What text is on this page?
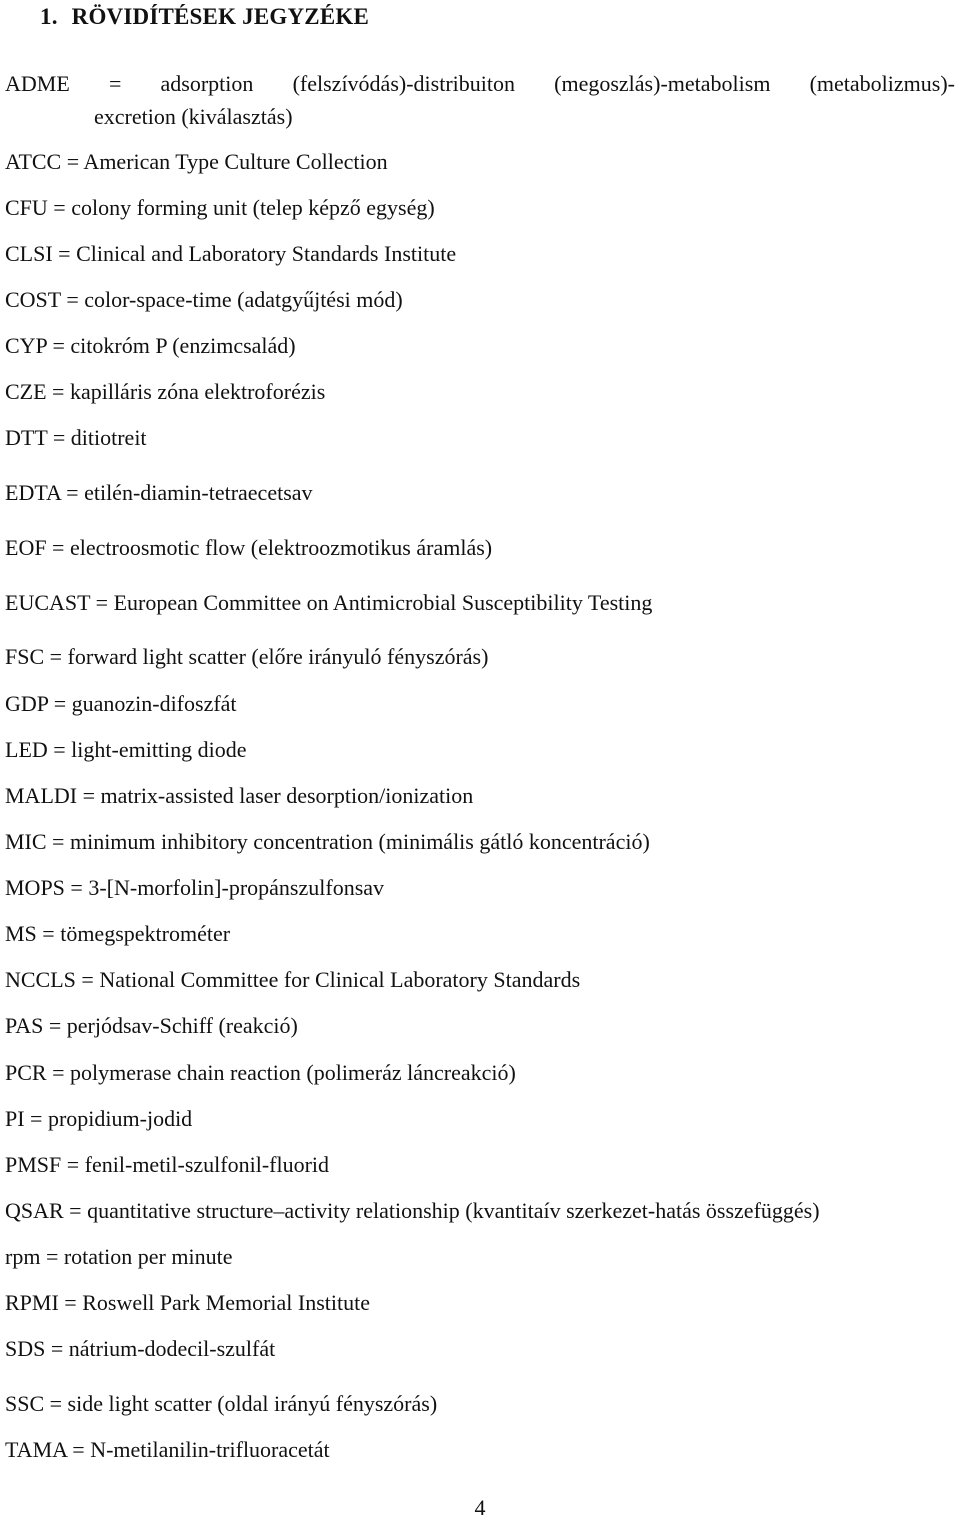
1. RÖVIDÍTÉSEK JEGYZÉKE
ADME = adsorption (felszívódás)-distribuiton (megoszlás)-metabolism (metabolizmus)-
excretion (kiválasztás)
ATCC = American Type Culture Collection
CFU = colony forming unit (telep képző egység)
CLSI = Clinical and Laboratory Standards Institute
COST = color-space-time (adatgyűjtési mód)
CYP = citokróm P (enzimcsalád)
CZE = kapilláris zóna elektroforézis
DTT = ditiotreit
EDTA = etilén-diamin-tetraecetsav
EOF = electroosmotic flow (elektroozmotikus áramlás)
EUCAST = European Committee on Antimicrobial Susceptibility Testing
FSC = forward light scatter (előre irányuló fényszórás)
GDP = guanozin-difoszfát
LED = light-emitting diode
MALDI = matrix-assisted laser desorption/ionization
MIC = minimum inhibitory concentration (minimális gátló koncentráció)
MOPS = 3-[N-morfolin]-propánszulfonsav
MS = tömegspektrométer
NCCLS = National Committee for Clinical Laboratory Standards
PAS = perjódsav-Schiff (reakció)
PCR = polymerase chain reaction (polimeráz láncreakció)
PI = propidium-jodid
PMSF = fenil-metil-szulfonil-fluorid
QSAR = quantitative structure–activity relationship (kvantitaív szerkezet-hatás összefüggés)
rpm = rotation per minute
RPMI = Roswell Park Memorial Institute
SDS = nátrium-dodecil-szulfát
SSC = side light scatter (oldal irányú fényszórás)
TAMA = N-metilanilin-trifluoracetát
4
